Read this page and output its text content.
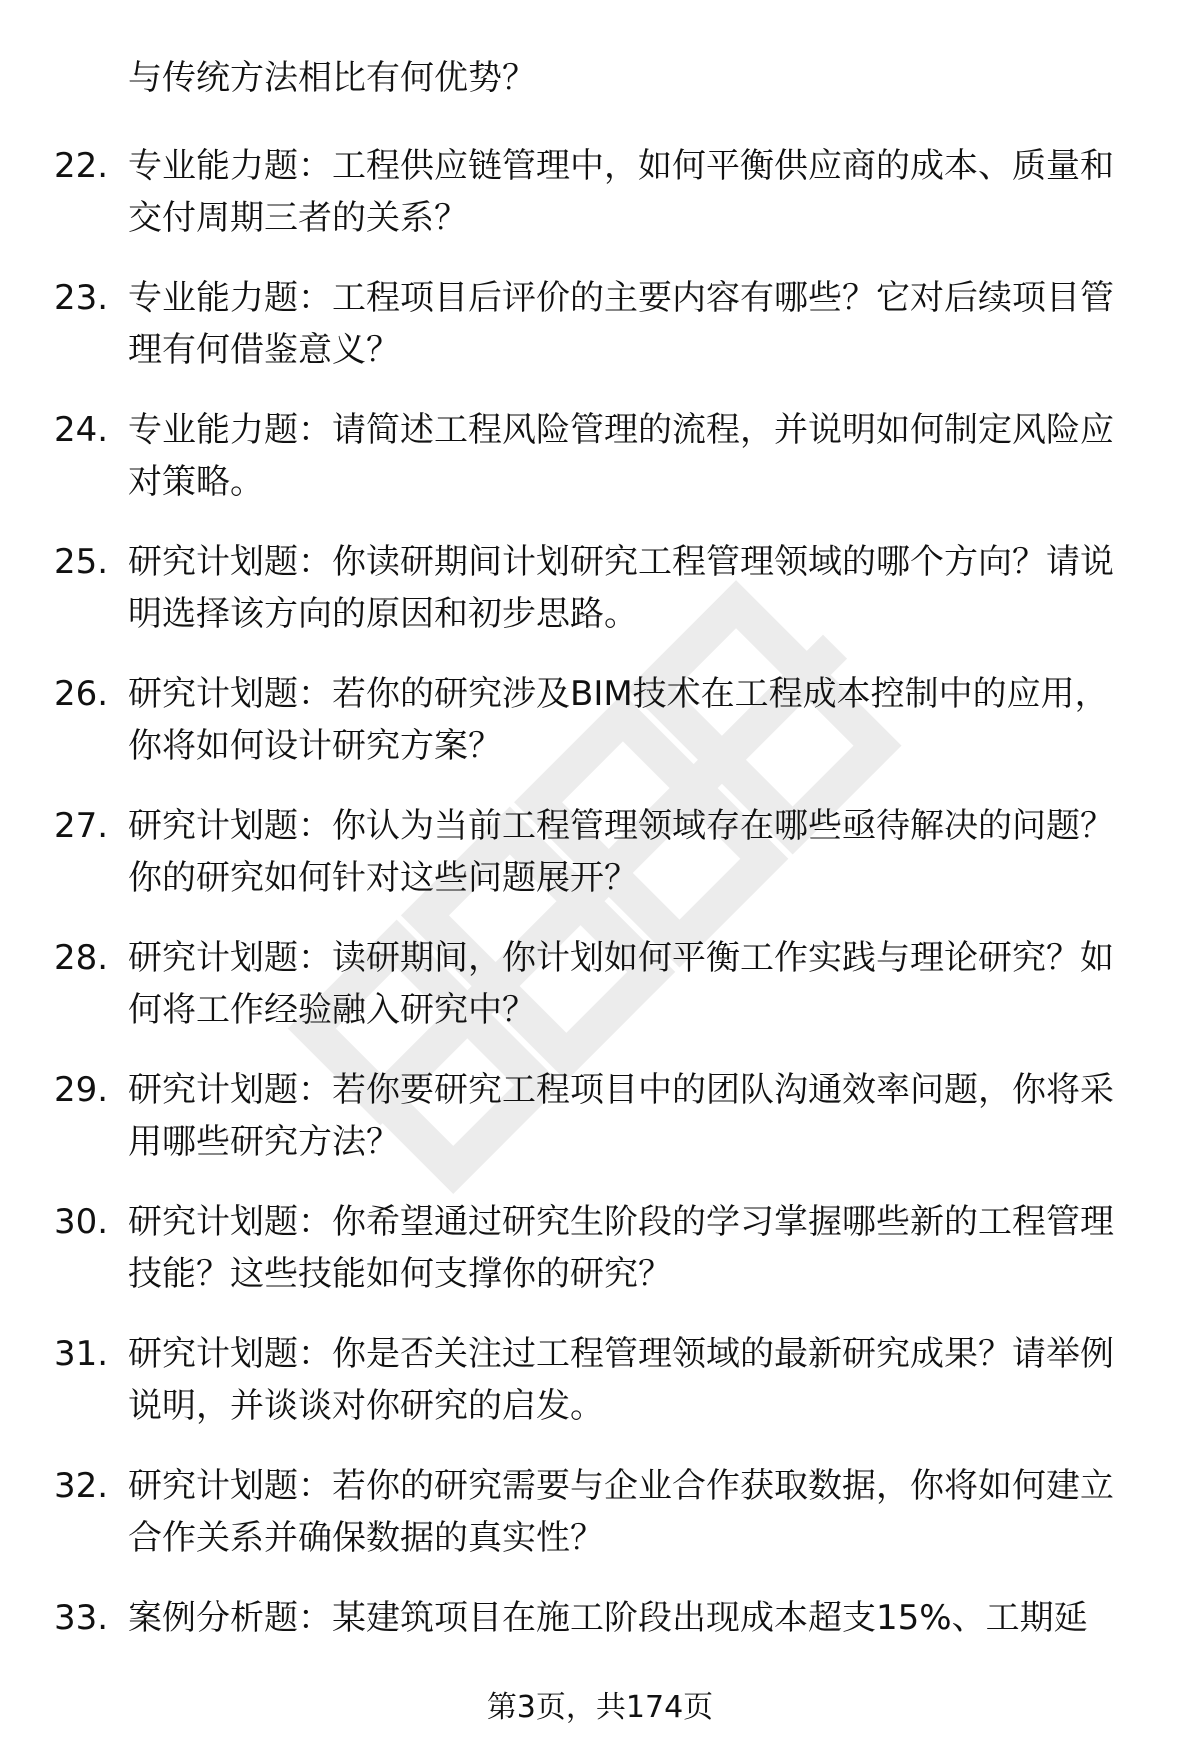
与传统方法相比有何优势？

22. 专业能力题：工程供应链管理中，如何平衡供应商的成本、质量和交付周期三者的关系？
23. 专业能力题：工程项目后评价的主要内容有哪些？它对后续项目管理有何借鉴意义？
24. 专业能力题：请简述工程风险管理的流程，并说明如何制定风险应对策略。
25. 研究计划题：你读研期间计划研究工程管理领域的哪个方向？请说明选择该方向的原因和初步思路。
26. 研究计划题：若你的研究涉及BIM技术在工程成本控制中的应用，你将如何设计研究方案？
27. 研究计划题：你认为当前工程管理领域存在哪些亟待解决的问题？你的研究如何针对这些问题展开？
28. 研究计划题：读研期间，你计划如何平衡工作实践与理论研究？如何将工作经验融入研究中？
29. 研究计划题：若你要研究工程项目中的团队沟通效率问题，你将采用哪些研究方法？
30. 研究计划题：你希望通过研究生阶段的学习掌握哪些新的工程管理技能？这些技能如何支撑你的研究？
31. 研究计划题：你是否关注过工程管理领域的最新研究成果？请举例说明，并谈谈对你研究的启发。
32. 研究计划题：若你的研究需要与企业合作获取数据，你将如何建立合作关系并确保数据的真实性？
33. 案例分析题：某建筑项目在施工阶段出现成本超支15%、工期延
第3页，共174页
